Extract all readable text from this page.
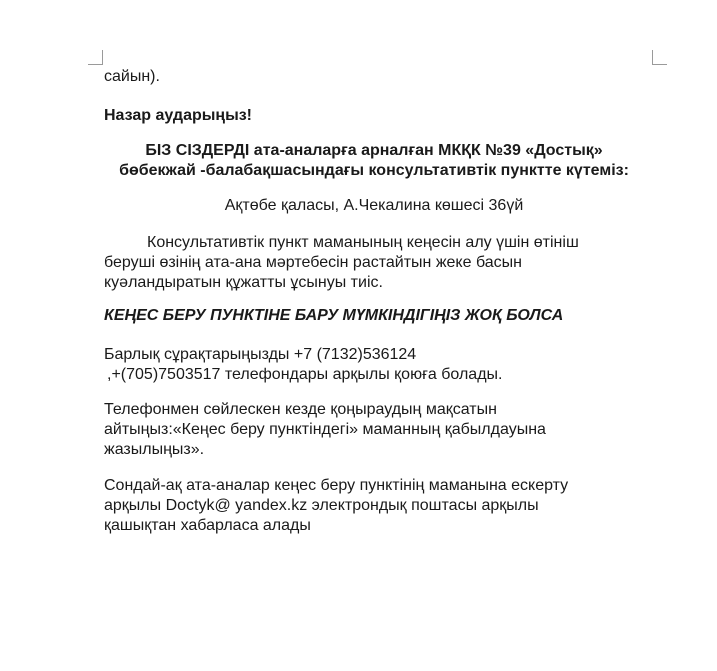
сайын).
Назар аударыңыз!
БІЗ СІЗДЕРДІ ата-аналарға арналған МКҚК №39 «Достық»
бөбекжай -балабақшасындағы консультативтік пунктте күтеміз:
Ақтөбе қаласы, А.Чекалина көшесі 36үй
Консультативтік пункт маманының кеңесін алу үшін өтініш
беруші өзінің ата-ана мәртебесін растайтын жеке басын
куәландыратын құжатты ұсынуы тиіс.
КЕҢЕС БЕРУ ПУНКТІНЕ БАРУ МҮМКІНДІГІҢІЗ ЖОҚ БОЛСА
Барлық сұрақтарыңызды +7 (7132)536124
,+(705)7503517 телефондары арқылы қоюға болады.
Телефонмен сөйлескен кезде қоңыраудың мақсатын
айтыңыз:«Кеңес беру пунктіндегі» маманның қабылдауына
жазылыңыз».
Сондай-ақ ата-аналар кеңес беру пунктінің маманына ескерту
арқылы Doctyk@ yandex.kz электрондық поштасы арқылы
қашықтан хабарласа алады
